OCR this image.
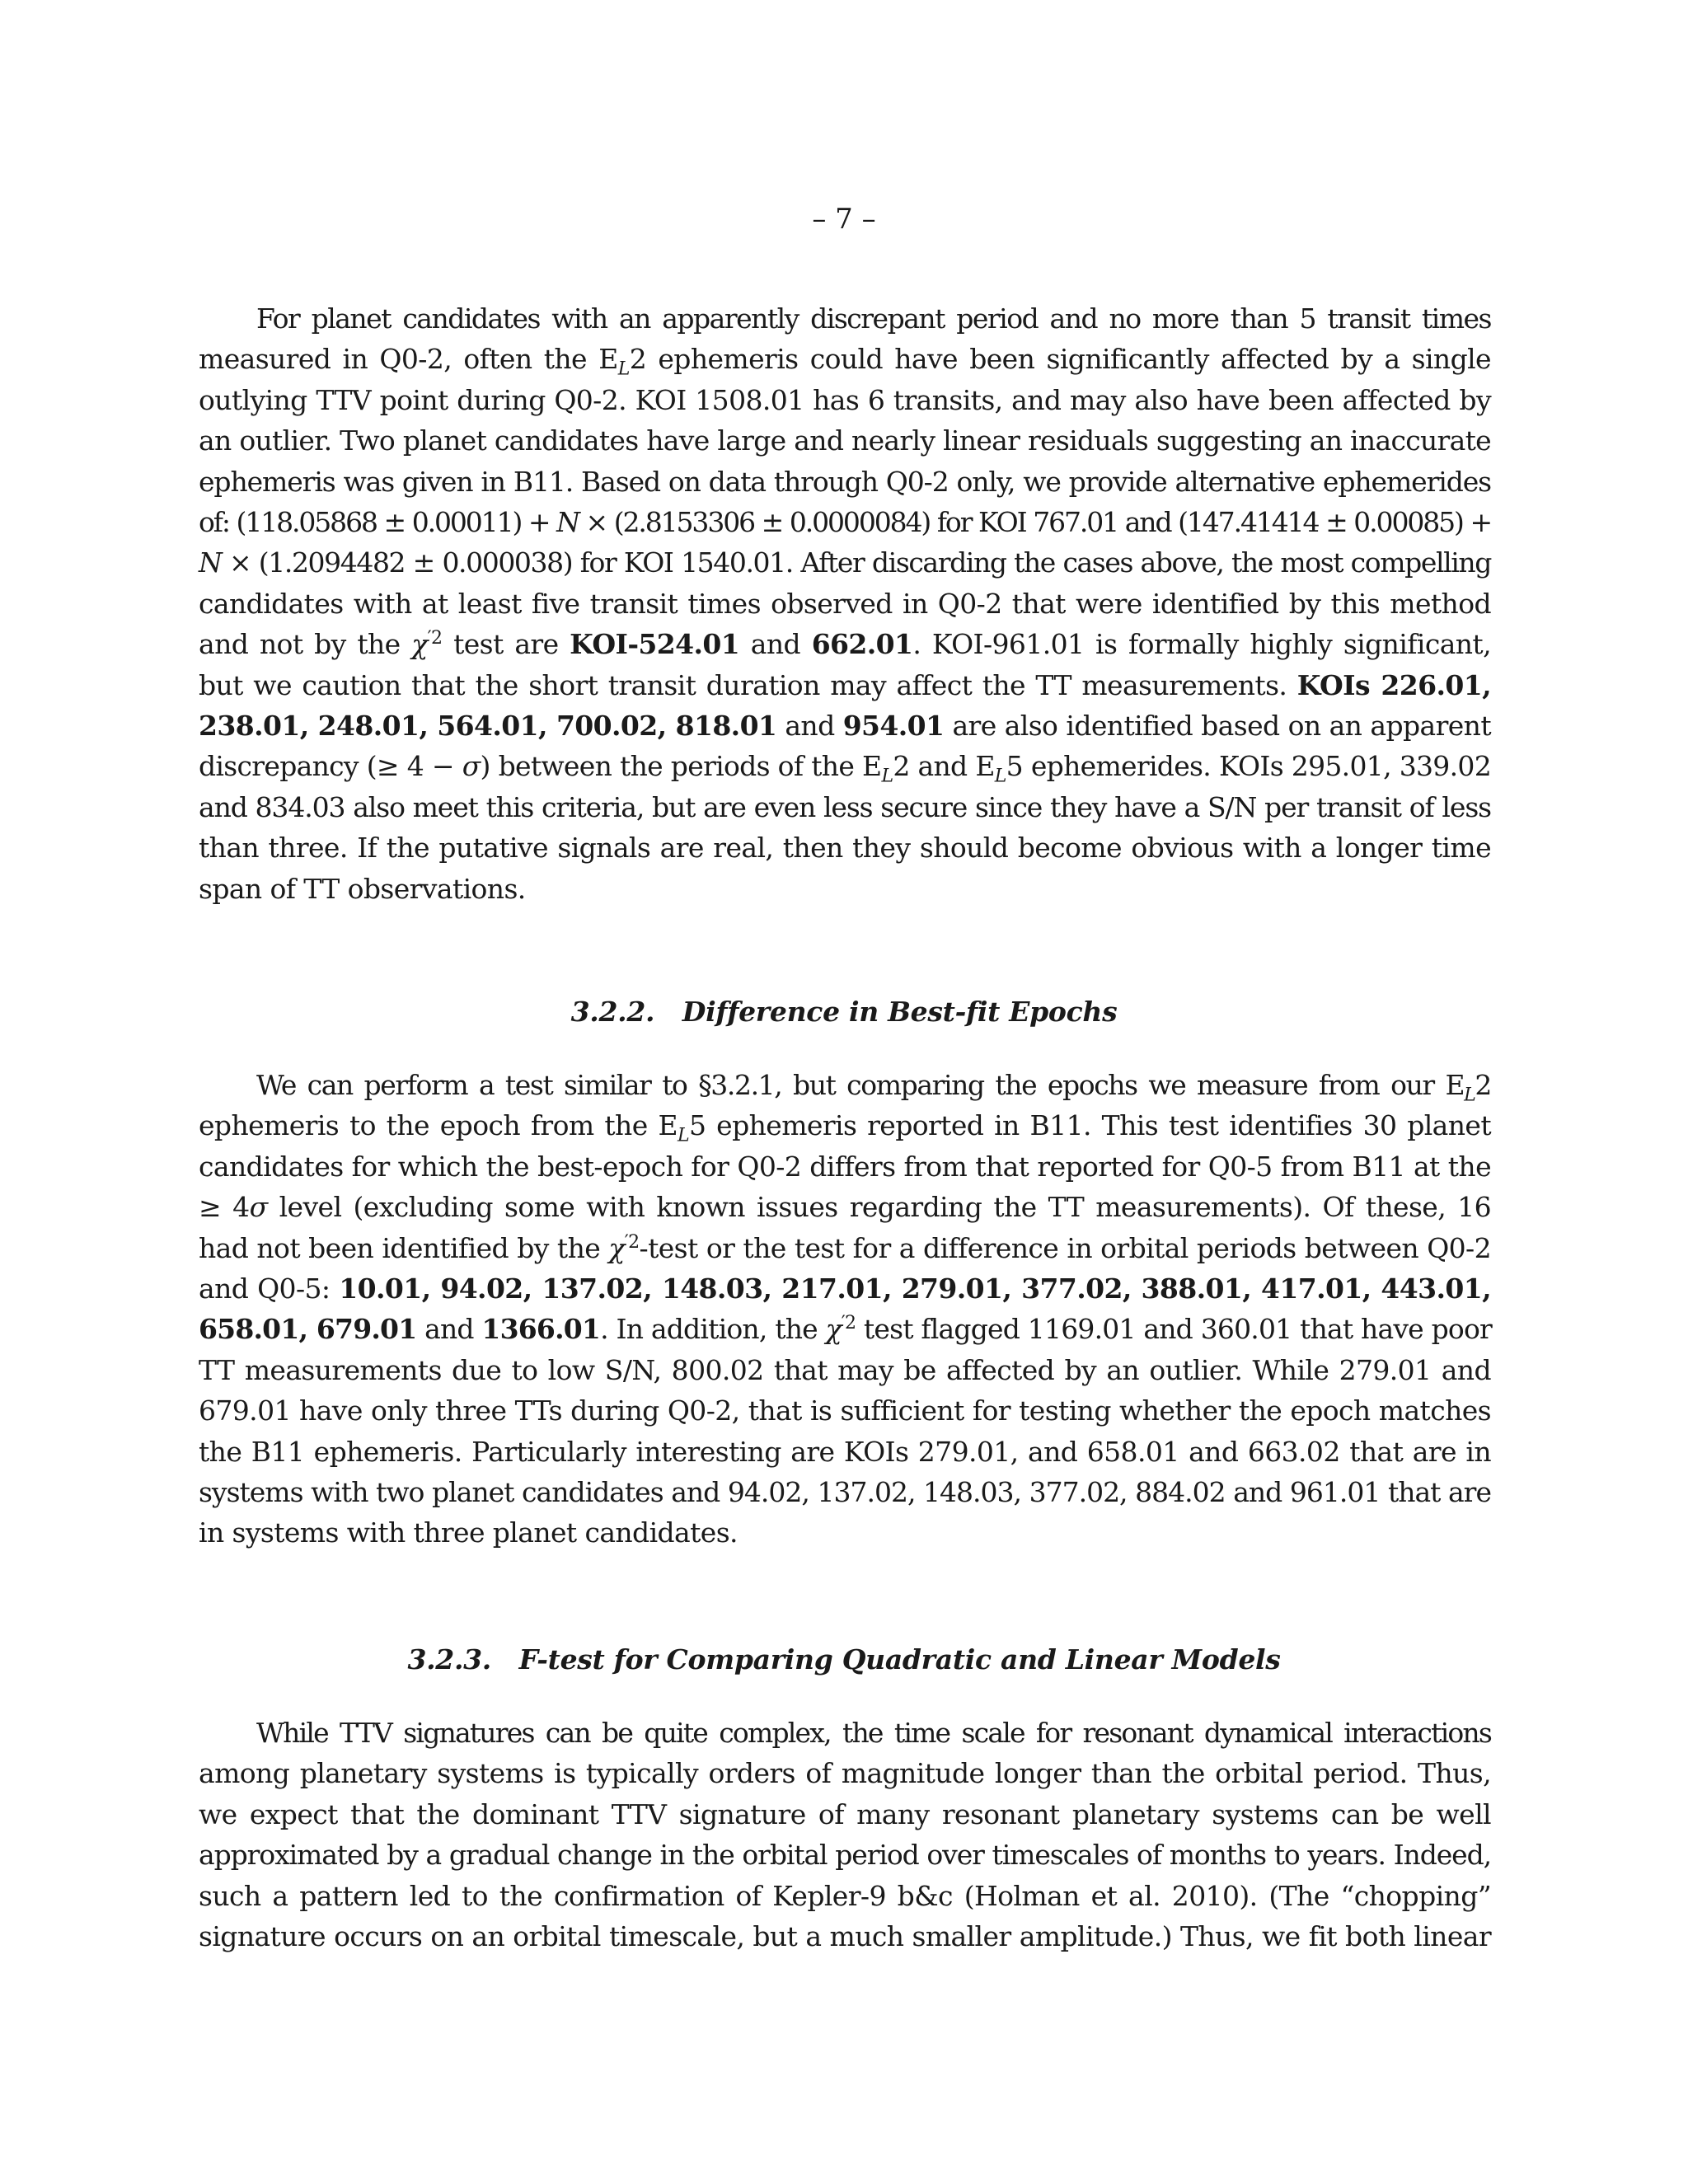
– 7 –

For planet candidates with an apparently discrepant period and no more than 5 transit times
measured in Q0-2, often the $E_L2$ ephemeris could have been significantly affected by a single
outlying TTV point during Q0-2. KOI 1508.01 has 6 transits, and may also have been affected by
an outlier. Two planet candidates have large and nearly linear residuals suggesting an inaccurate
ephemeris was given in B11. Based on data through Q0-2 only, we provide alternative ephemerides
of: (118.05868 ± 0.00011) + N × (2.8153306 ± 0.0000084) for KOI 767.01 and (147.41414 ± 0.00085) +
N × (1.2094482 ± 0.000038) for KOI 1540.01. After discarding the cases above, the most compelling
candidates with at least five transit times observed in Q0-2 that were identified by this method
and not by the $\chi^{'2}$ test are KOI-524.01 and 662.01. KOI-961.01 is formally highly significant,
but we caution that the short transit duration may affect the TT measurements. KOIs 226.01,
238.01, 248.01, 564.01, 700.02, 818.01 and 954.01 are also identified based on an apparent
discrepancy (≥ 4 − σ) between the periods of the $E_L2$ and $E_L5$ ephemerides. KOIs 295.01, 339.02
and 834.03 also meet this criteria, but are even less secure since they have a S/N per transit of less
than three. If the putative signals are real, then they should become obvious with a longer time
span of TT observations.

3.2.2. Difference in Best-fit Epochs

We can perform a test similar to §3.2.1, but comparing the epochs we measure from our $E_L2$
ephemeris to the epoch from the $E_L5$ ephemeris reported in B11. This test identifies 30 planet
candidates for which the best-epoch for Q0-2 differs from that reported for Q0-5 from B11 at the
≥ 4σ level (excluding some with known issues regarding the TT measurements). Of these, 16
had not been identified by the $\chi^{'2}$-test or the test for a difference in orbital periods between Q0-2
and Q0-5: 10.01, 94.02, 137.02, 148.03, 217.01, 279.01, 377.02, 388.01, 417.01, 443.01,
658.01, 679.01 and 1366.01. In addition, the $\chi^{'2}$ test flagged 1169.01 and 360.01 that have poor
TT measurements due to low S/N, 800.02 that may be affected by an outlier. While 279.01 and
679.01 have only three TTs during Q0-2, that is sufficient for testing whether the epoch matches
the B11 ephemeris. Particularly interesting are KOIs 279.01, and 658.01 and 663.02 that are in
systems with two planet candidates and 94.02, 137.02, 148.03, 377.02, 884.02 and 961.01 that are
in systems with three planet candidates.

3.2.3. F-test for Comparing Quadratic and Linear Models

While TTV signatures can be quite complex, the time scale for resonant dynamical interactions
among planetary systems is typically orders of magnitude longer than the orbital period. Thus,
we expect that the dominant TTV signature of many resonant planetary systems can be well
approximated by a gradual change in the orbital period over timescales of months to years. Indeed,
such a pattern led to the confirmation of Kepler-9 b&c (Holman et al. 2010). (The “chopping”
signature occurs on an orbital timescale, but a much smaller amplitude.) Thus, we fit both linear
